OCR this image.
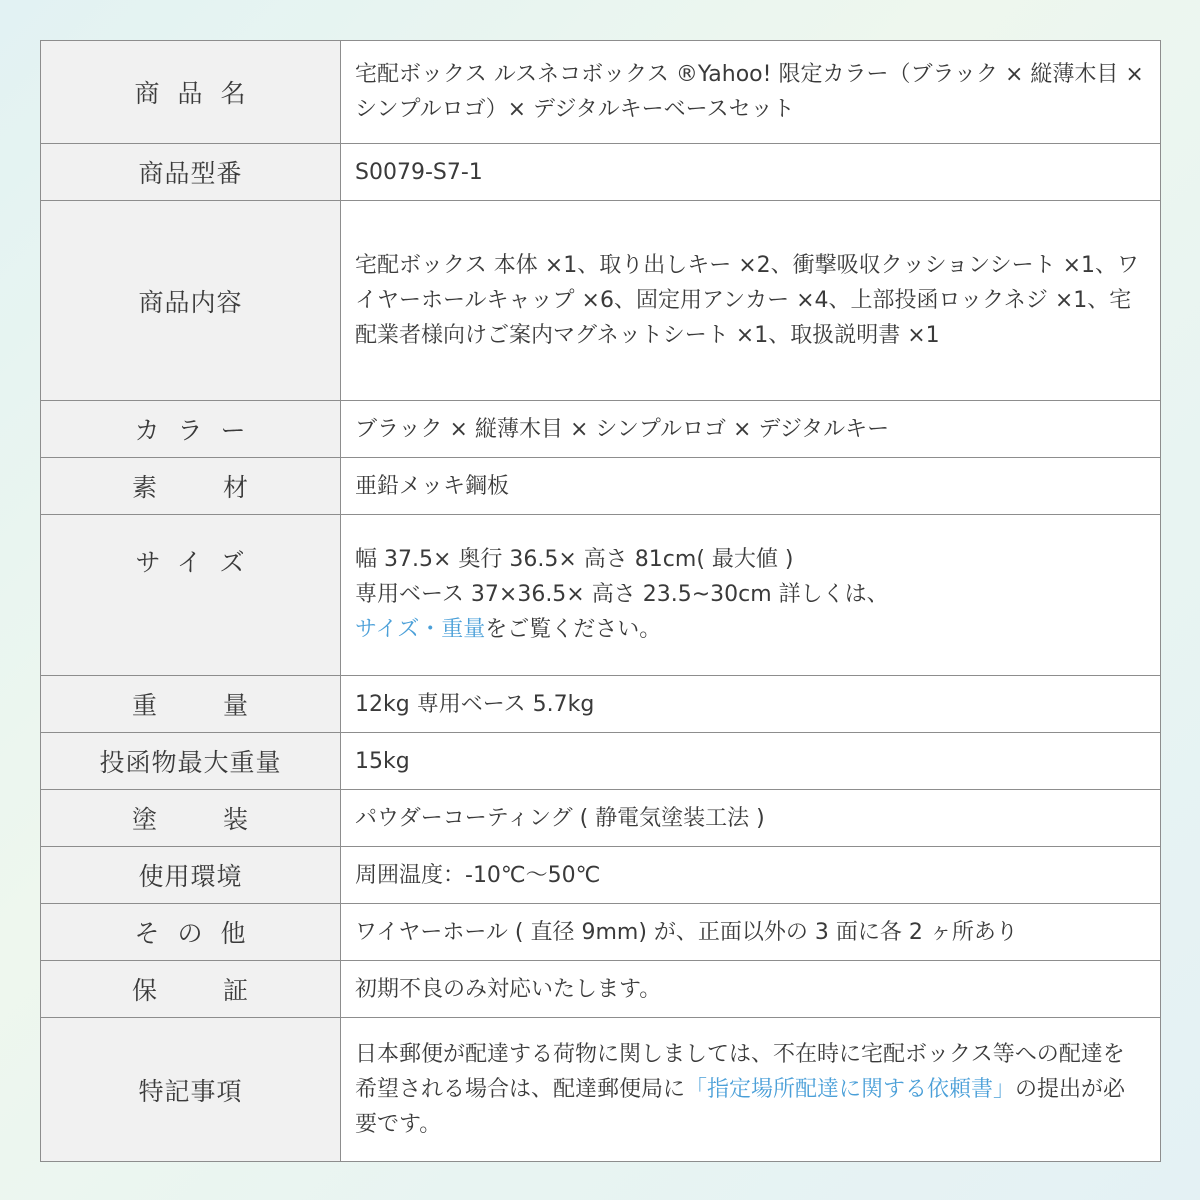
商品名	宅配ボックス ルスネコボックス ®Yahoo! 限定カラー（ブラック × 縦薄木目 × シンプルロゴ）× デジタルキーベースセット
商品型番	S0079-S7-1
商品内容	宅配ボックス 本体 ×1、取り出しキー ×2、衝撃吸収クッションシート ×1、ワイヤーホールキャップ ×6、固定用アンカー ×4、上部投函ロックネジ ×1、宅配業者様向けご案内マグネットシート ×1、取扱説明書 ×1
カラー	ブラック × 縦薄木目 × シンプルロゴ × デジタルキー
素材	亜鉛メッキ鋼板
サイズ	幅 37.5× 奥行 36.5× 高さ 81cm( 最大値 )
専用ベース 37×36.5× 高さ 23.5~30cm 詳しくは、
サイズ・重量をご覧ください。

重量	12kg 専用ベース 5.7kg
投函物最大重量	15kg
塗装	パウダーコーティング ( 静電気塗装工法 )
使用環境	周囲温度：-10℃～50℃
その他	ワイヤーホール ( 直径 9mm) が、正面以外の 3 面に各 2 ヶ所あり
保証	初期不良のみ対応いたします。
特記事項	日本郵便が配達する荷物に関しましては、不在時に宅配ボックス等への配達を希望される場合は、配達郵便局に「指定場所配達に関する依頼書」の提出が必要です。
